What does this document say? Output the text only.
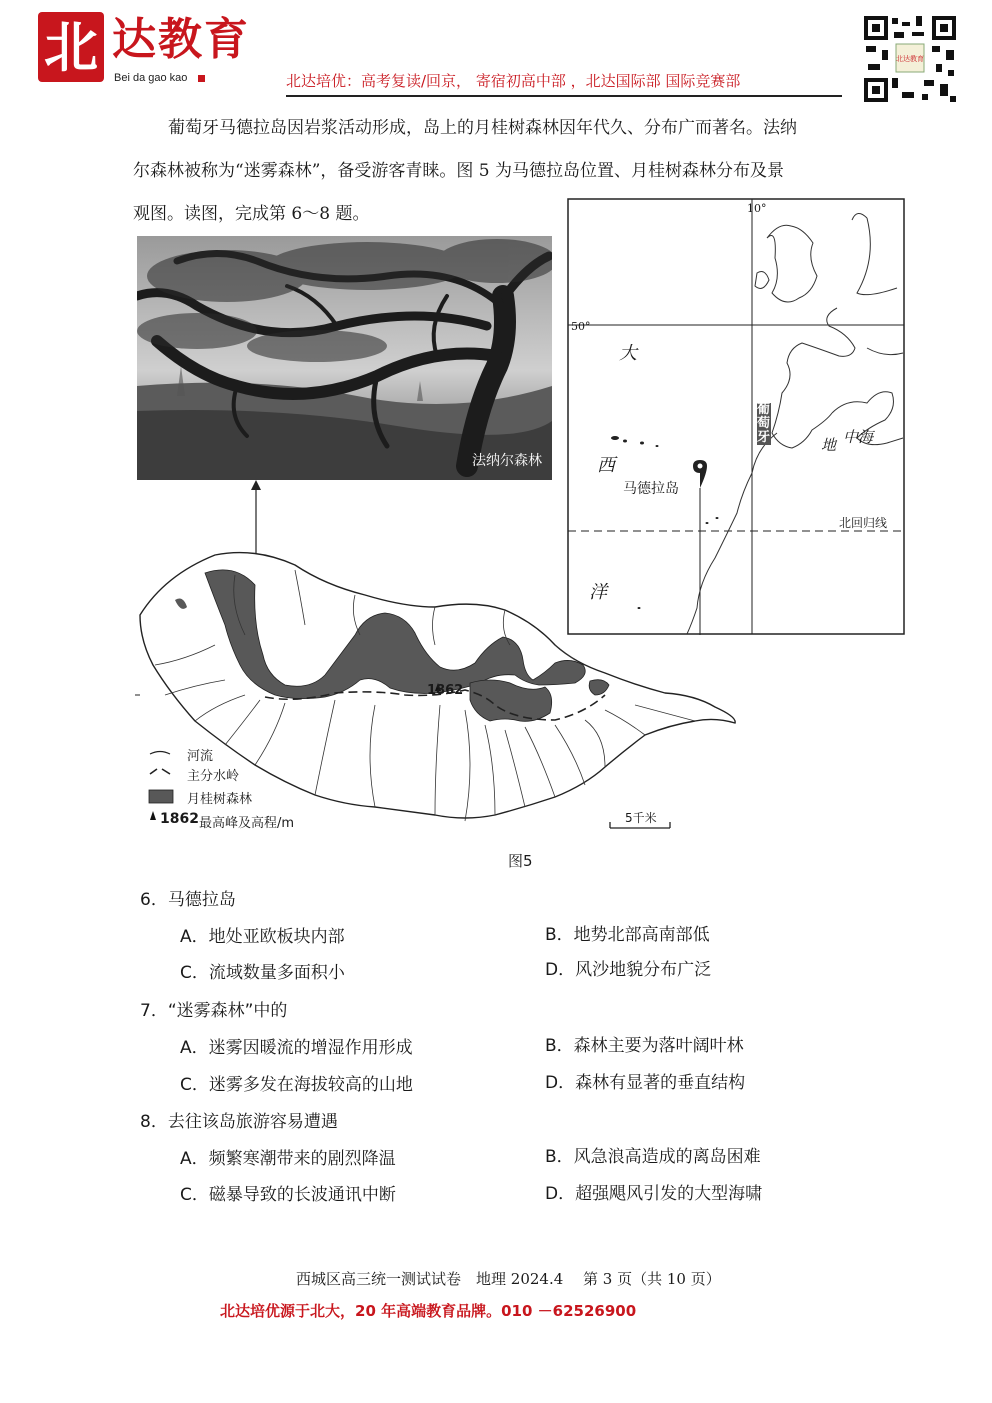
北 达教育
Bei da gao kao	北达培优：高考复读/回京， 寄宿初高中部 ，北达国际部 国际竞赛部
北达教育
葡萄牙马德拉岛因岩浆活动形成，岛上的月桂树森林因年代久、分布广而著名。法纳
尔森林被称为“迷雾森林”，备受游客青睐。图 5 为马德拉岛位置、月桂树森林分布及景
观图。读图，完成第 6～8 题。
法纳尔森林
10°
50°
大
西
洋
葡萄牙	地 中海
马德拉岛
北回归线
1862
5千米
河流
主分水岭
月桂树森林
1862 最高峰及高程/m
图5
6．马德拉岛
A．地处亚欧板块内部	B．地势北部高南部低
C．流域数量多面积小	D．风沙地貌分布广泛
7．“迷雾森林”中的
A．迷雾因暖流的增湿作用形成	B．森林主要为落叶阔叶林
C．迷雾多发在海拔较高的山地	D．森林有显著的垂直结构
8．去往该岛旅游容易遭遇
A．频繁寒潮带来的剧烈降温	B．风急浪高造成的离岛困难
C．磁暴导致的长波通讯中断	D．超强飓风引发的大型海啸
西城区高三统一测试试卷　地理 2024.4　 第 3 页（共 10 页）
北达培优源于北大，20 年高端教育品牌。010 －62526900
